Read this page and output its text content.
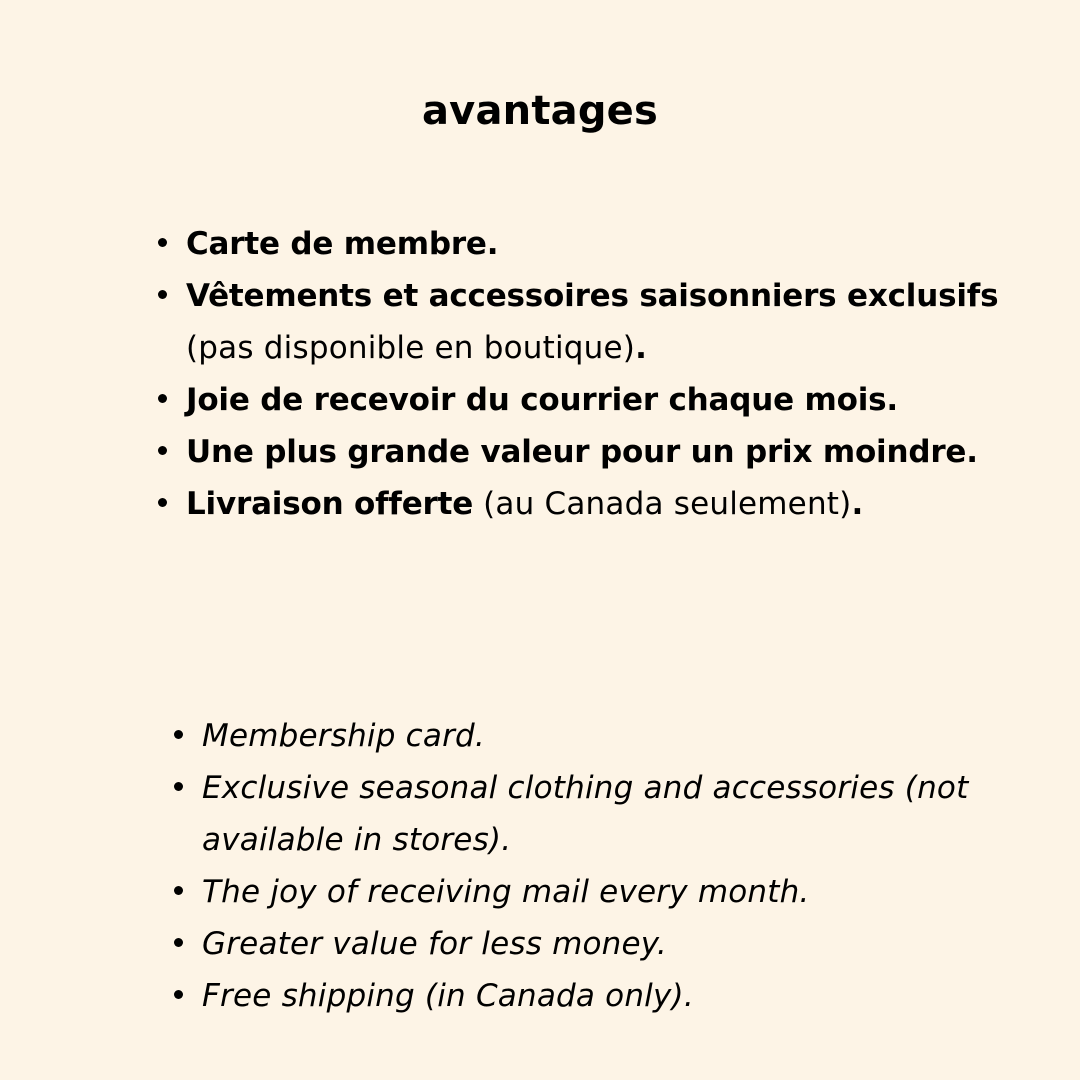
avantages
Carte de membre.
Vêtements et accessoires saisonniers exclusifs (pas disponible en boutique).
Joie de recevoir du courrier chaque mois.
Une plus grande valeur pour un prix moindre.
Livraison offerte (au Canada seulement).
Membership card.
Exclusive seasonal clothing and accessories (not available in stores).
The joy of receiving mail every month.
Greater value for less money.
Free shipping (in Canada only).
